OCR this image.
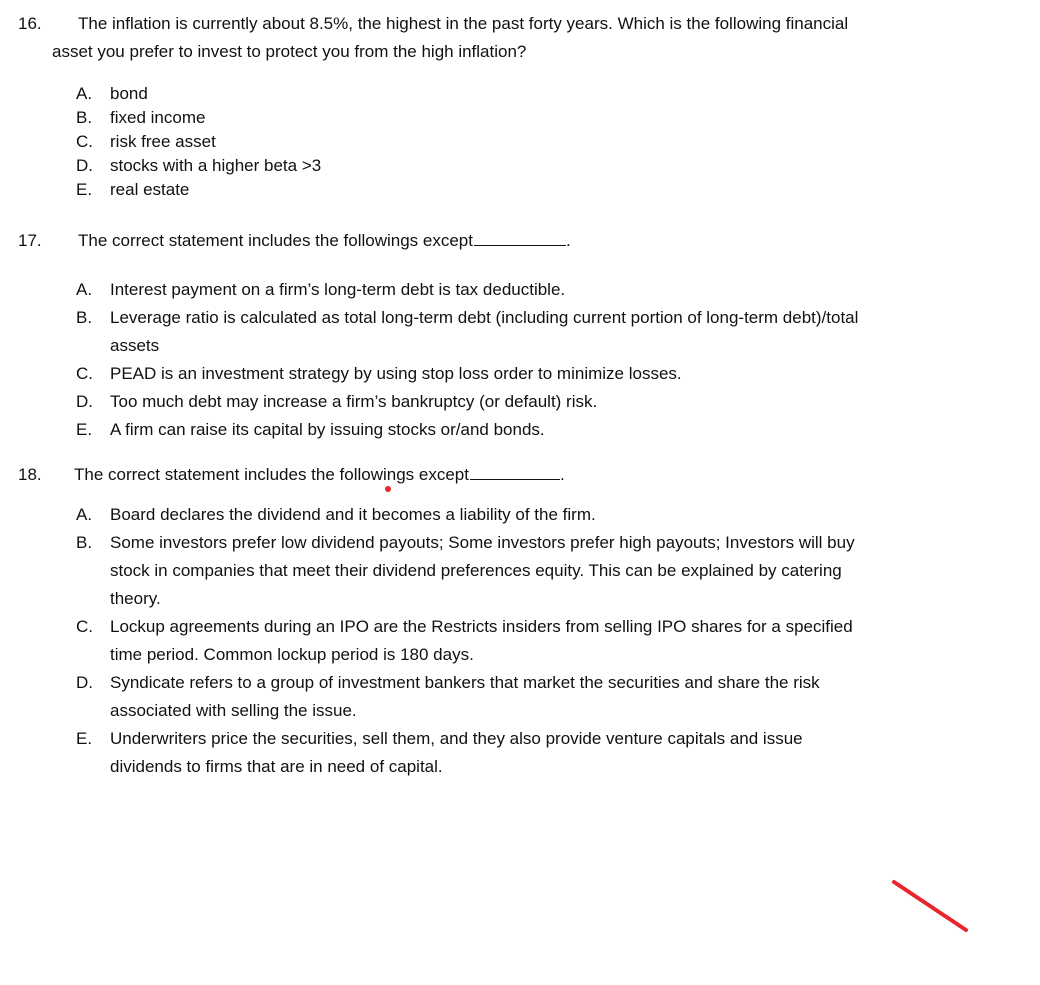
16.	The inflation is currently about 8.5%, the highest in the past forty years. Which is the following financial asset you prefer to invest to protect you from the high inflation?
A. bond
B. fixed income
C. risk free asset
D. stocks with a higher beta >3
E. real estate
17. The correct statement includes the followings except	.
A. Interest payment on a firm’s long-term debt is tax deductible.
B. Leverage ratio is calculated as total long-term debt (including current portion of long-term debt)/total assets
C. PEAD is an investment strategy by using stop loss order to minimize losses.
D. Too much debt may increase a firm’s bankruptcy (or default) risk.
E. A firm can raise its capital by issuing stocks or/and bonds.
18. The correct statement includes the followings except	.
A. Board declares the dividend and it becomes a liability of the firm.
B. Some investors prefer low dividend payouts; Some investors prefer high payouts; Investors will buy stock in companies that meet their dividend preferences equity. This can be explained by catering theory.
C. Lockup agreements during an IPO are the Restricts insiders from selling IPO shares for a specified time period. Common lockup period is 180 days.
D. Syndicate refers to a group of investment bankers that market the securities and share the risk associated with selling the issue.
E. Underwriters price the securities, sell them, and they also provide venture capitals and issue dividends to firms that are in need of capital.
